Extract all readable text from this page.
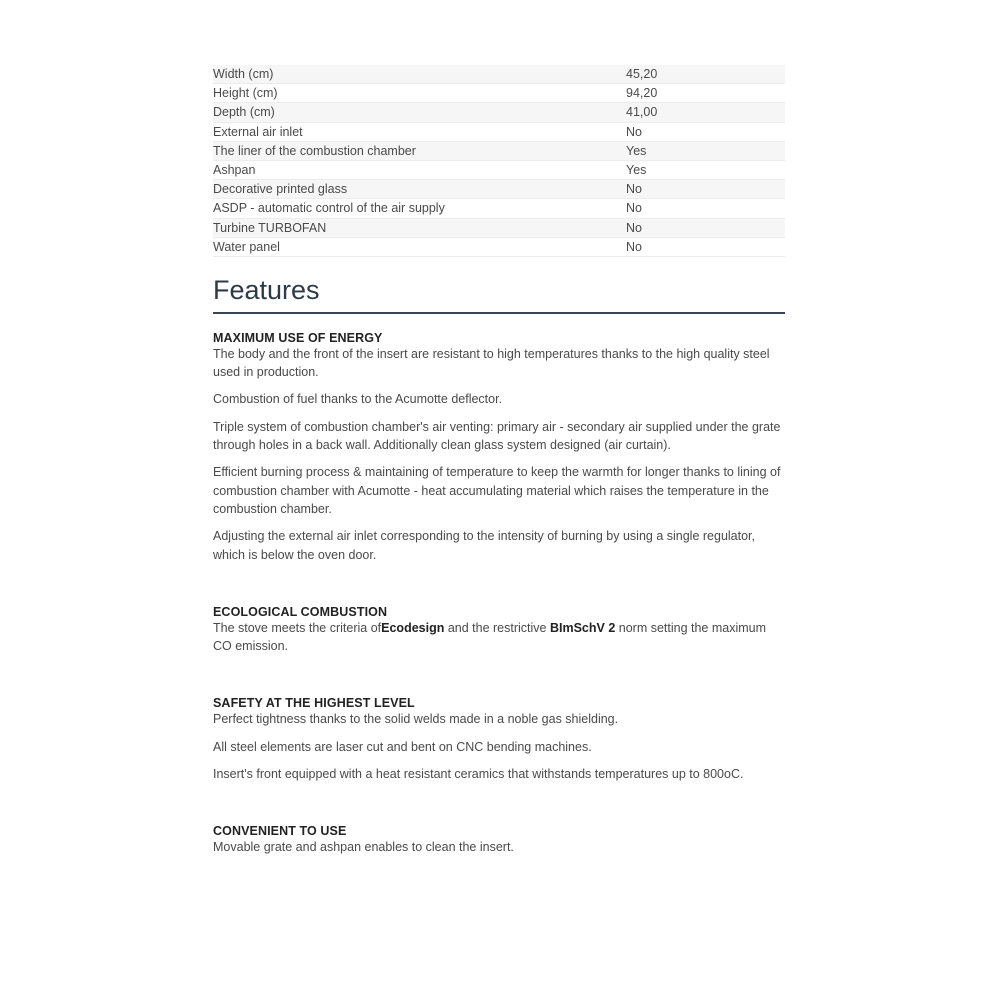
Width (cm)	45,20
Height (cm)	94,20
Depth (cm)	41,00
External air inlet	No
The liner of the combustion chamber	Yes
Ashpan	Yes
Decorative printed glass	No
ASDP - automatic control of the air supply	No
Turbine TURBOFAN	No
Water panel	No
Features

MAXIMUM USE OF ENERGY

The body and the front of the insert are resistant to high temperatures thanks to the high quality steel used in production.

Combustion of fuel thanks to the Acumotte deflector.

Triple system of combustion chamber's air venting: primary air - secondary air supplied under the grate through holes in a back wall. Additionally clean glass system designed (air curtain).

Efficient burning process & maintaining of temperature to keep the warmth for longer thanks to lining of combustion chamber with Acumotte - heat accumulating material which raises the temperature in the combustion chamber.

Adjusting the external air inlet corresponding to the intensity of burning by using a single regulator, which is below the oven door.

ECOLOGICAL COMBUSTION

The stove meets the criteria ofEcodesign and the restrictive BImSchV 2 norm setting the maximum CO emission.

SAFETY AT THE HIGHEST LEVEL

Perfect tightness thanks to the solid welds made in a noble gas shielding.

All steel elements are laser cut and bent on CNC bending machines.

Insert's front equipped with a heat resistant ceramics that withstands temperatures up to 800oC.

CONVENIENT TO USE

Movable grate and ashpan enables to clean the insert.
